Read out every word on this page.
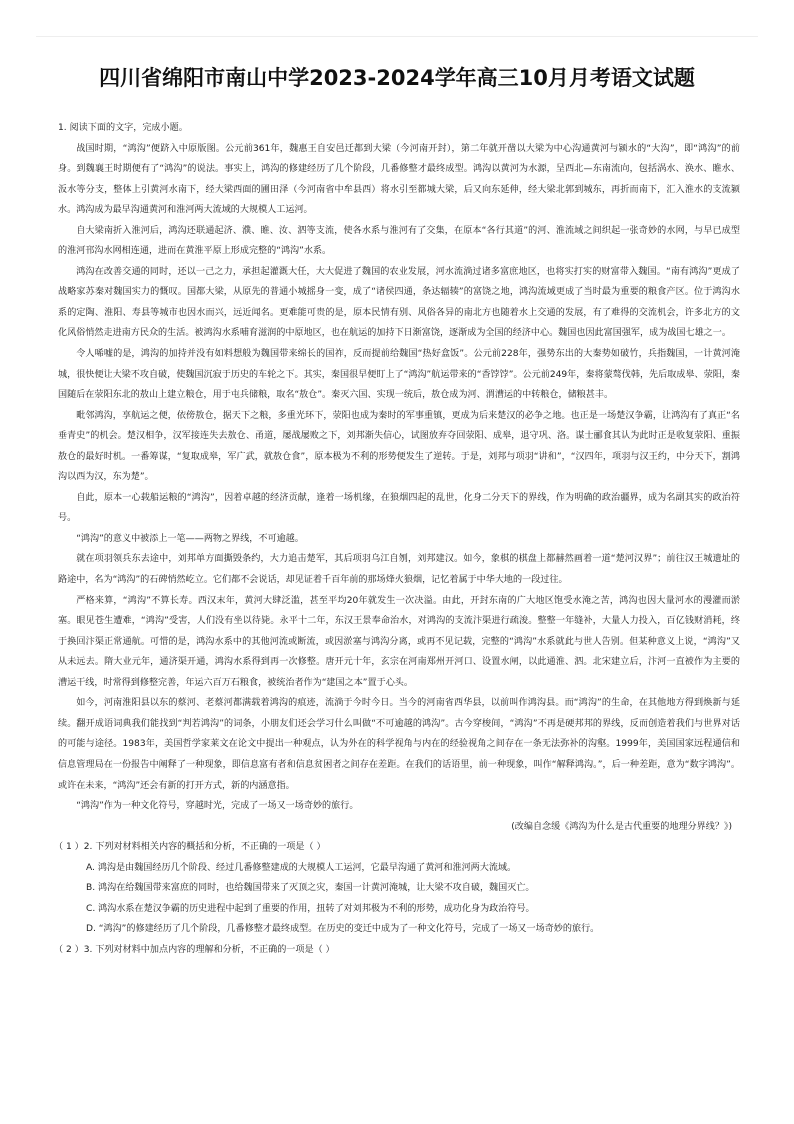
四川省绵阳市南山中学2023-2024学年高三10月月考语文试题

1. 阅读下面的文字，完成小题。

战国时期，“鸿沟”便跻入中原版图。公元前361年，魏惠王自安邑迁都到大梁（今河南开封），第二年就开凿以大梁为中心沟通黄河与颍水的“大沟”，即“鸿沟”的前身。到魏襄王时期便有了“鸿沟”的说法。事实上，鸿沟的修建经历了几个阶段，几番修整才最终成型。鸿沟以黄河为水源，呈西北—东南流向，包括涡水、涣水、睢水、汳水等分支，整体上引黄河水南下，经大梁西面的圃田泽（今河南省中牟县西）将水引至都城大梁，后又向东延伸，经大梁北郭到城东，再折而南下，汇入淮水的支流颍水。鸿沟成为最早沟通黄河和淮河两大流域的大规模人工运河。

自大梁南折入淮河后，鸿沟还联通起济、濮、睢、汝、泗等支流，使各水系与淮河有了交集，在原本“各行其道”的河、淮流域之间织起一张奇妙的水网，与早已成型的淮河邗沟水网相连通，进而在黄淮平原上形成完整的“鸿沟”水系。

鸿沟在改善交通的同时，还以一己之力，承担起灌溉大任，大大促进了魏国的农业发展，河水流淌过诸多富庶地区，也将实打实的财富带入魏国。“南有鸿沟”更成了战略家苏秦对魏国实力的慨叹。国都大梁，从原先的普通小城摇身一变，成了“诸侯四通，条达辐辏”的富饶之地，鸿沟流域更成了当时最为重要的粮食产区。位于鸿沟水系的定陶、淮阳、寿县等城市也因水而兴，远近闻名。更难能可贵的是，原本民情有别、风俗各异的南北方也随着水上交通的发展，有了难得的交流机会，许多北方的文化风俗悄然走进南方民众的生活。被鸿沟水系哺育滋润的中原地区，也在航运的加持下日渐富饶，逐渐成为全国的经济中心。魏国也因此富国强军，成为战国七雄之一。

令人唏嘘的是，鸿沟的加持并没有如料想般为魏国带来绵长的国祚，反而提前给魏国“热好盒饭”。公元前228年，强势东出的大秦势如破竹，兵指魏国，一计黄河淹城，很快便让大梁不攻自破，使魏国沉寂于历史的车轮之下。其实，秦国很早便盯上了“鸿沟”航运带来的“香饽饽”。公元前249年，秦将蒙骜伐韩，先后取成皋、荥阳，秦国随后在荥阳东北的敖山上建立粮仓，用于屯兵储粮，取名“敖仓”。秦灭六国、实现一统后，敖仓成为河、渭漕运的中转粮仓，储粮甚丰。

毗邻鸿沟，享航运之便，依傍敖仓，据天下之粮，多重光环下，荥阳也成为秦时的军事重镇，更成为后来楚汉的必争之地。也正是一场楚汉争霸，让鸿沟有了真正“名垂青史”的机会。楚汉相争，汉军接连失去敖仓、甬道，屡战屡败之下，刘邦渐失信心，试图放弃夺回荥阳、成皋，退守巩、洛。谋士郦食其认为此时正是收复荥阳、重振敖仓的最好时机。一番筹谋，“复取成皋，军广武，就敖仓食”，原本极为不利的形势便发生了逆转。于是，刘邦与项羽“讲和”，“汉四年，项羽与汉王约，中分天下，割鸿沟以西为汉，东为楚”。

自此，原本一心载船运粮的“鸿沟”，因着卓越的经济贡献，逢着一场机缘，在狼烟四起的乱世，化身二分天下的界线，作为明确的政治疆界，成为名副其实的政治符号。

“鸿沟”的意义中被添上一笔——两物之界线，不可逾越。

就在项羽领兵东去途中，刘邦单方面撕毁条约，大力追击楚军，其后项羽乌江自刎，刘邦建汉。如今，象棋的棋盘上都赫然画着一道“楚河汉界”；前往汉王城遗址的路途中，名为“鸿沟”的石碑悄然屹立。它们都不会说话，却见证着千百年前的那场烽火狼烟，记忆着属于中华大地的一段过往。

严格来算，“鸿沟”不算长寿。西汉末年，黄河大肆泛滥，甚至平均20年就发生一次决溢。由此，开封东南的广大地区饱受水淹之苦，鸿沟也因大量河水的漫灌而淤塞。眼见苍生遭难，“鸿沟”受害，人们没有坐以待毙。永平十二年，东汉王景奉命治水，对鸿沟的支流汴渠进行疏浚。整整一年缝补，大量人力投入，百亿钱财消耗，终于换回汴渠正常通航。可惜的是，鸿沟水系中的其他河流或断流，或因淤塞与鸿沟分离，或再不见记载，完整的“鸿沟”水系就此与世人告别。但某种意义上说，“鸿沟”又从未远去。隋大业元年，通济渠开通，鸿沟水系得到再一次修整。唐开元十年，玄宗在河南郑州开河口、设置水闸，以此通淮、泗。北宋建立后，汴河一直被作为主要的漕运干线，时常得到修整完善，年运六百万石粮食，被统治者作为“建国之本”置于心头。

如今，河南淮阳县以东的蔡河、老蔡河都满载着鸿沟的痕迹，流淌于今时今日。当今的河南省西华县，以前叫作鸿沟县。而“鸿沟”的生命，在其他地方得到焕新与延续。翻开成语词典我们能找到“判若鸿沟”的词条，小朋友们还会学习什么叫做“不可逾越的鸿沟”。古今穿梭间，“鸿沟”不再是硬邦邦的界线，反而创造着我们与世界对话的可能与途径。1983年，美国哲学家莱文在论文中提出一种观点，认为外在的科学视角与内在的经验视角之间存在一条无法弥补的沟壑。1999年，美国国家远程通信和信息管理局在一份报告中阐释了一种现象，即信息富有者和信息贫困者之间存在差距。在我们的话语里，前一种现象，叫作“解释鸿沟。”，后一种差距，意为“数字鸿沟”。或许在未来，“鸿沟”还会有新的打开方式，新的内涵意指。

“鸿沟”作为一种文化符号，穿越时光，完成了一场又一场奇妙的旅行。

(改编自念缓《鸿沟为什么是古代重要的地理分界线？》)

（ 1 ）2. 下列对材料相关内容的概括和分析，不正确的一项是（ ）

A. 鸿沟是由魏国经历几个阶段、经过几番修整建成的大规模人工运河，它最早沟通了黄河和淮河两大流域。

B. 鸿沟在给魏国带来富庶的同时，也给魏国带来了灭顶之灾，秦国一计黄河淹城，让大梁不攻自破，魏国灭亡。

C. 鸿沟水系在楚汉争霸的历史进程中起到了重要的作用，扭转了对刘邦极为不利的形势，成功化身为政治符号。

D. “鸿沟”的修建经历了几个阶段，几番修整才最终成型。在历史的变迁中成为了一种文化符号，完成了一场又一场奇妙的旅行。

（ 2 ）3. 下列对材料中加点内容的理解和分析，不正确的一项是（ ）
